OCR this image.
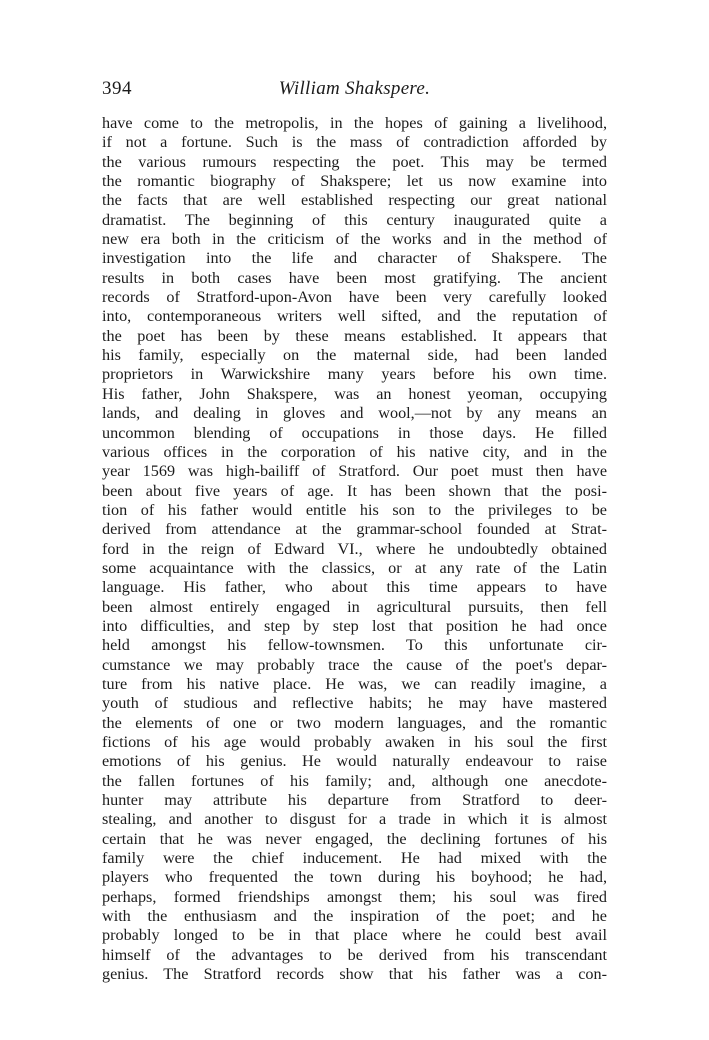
394	William Shakspere.
have come to the metropolis, in the hopes of gaining a livelihood,
if not a fortune. Such is the mass of contradiction afforded by
the various rumours respecting the poet. This may be termed
the romantic biography of Shakspere; let us now examine into
the facts that are well established respecting our great national
dramatist. The beginning of this century inaugurated quite a
new era both in the criticism of the works and in the method of
investigation into the life and character of Shakspere. The
results in both cases have been most gratifying. The ancient
records of Stratford-upon-Avon have been very carefully looked
into, contemporaneous writers well sifted, and the reputation of
the poet has been by these means established. It appears that
his family, especially on the maternal side, had been landed
proprietors in Warwickshire many years before his own time.
His father, John Shakspere, was an honest yeoman, occupying
lands, and dealing in gloves and wool,—not by any means an
uncommon blending of occupations in those days. He filled
various offices in the corporation of his native city, and in the
year 1569 was high-bailiff of Stratford. Our poet must then have
been about five years of age. It has been shown that the posi-
tion of his father would entitle his son to the privileges to be
derived from attendance at the grammar-school founded at Strat-
ford in the reign of Edward VI., where he undoubtedly obtained
some acquaintance with the classics, or at any rate of the Latin
language. His father, who about this time appears to have
been almost entirely engaged in agricultural pursuits, then fell
into difficulties, and step by step lost that position he had once
held amongst his fellow-townsmen. To this unfortunate cir-
cumstance we may probably trace the cause of the poet's depar-
ture from his native place. He was, we can readily imagine, a
youth of studious and reflective habits; he may have mastered
the elements of one or two modern languages, and the romantic
fictions of his age would probably awaken in his soul the first
emotions of his genius. He would naturally endeavour to raise
the fallen fortunes of his family; and, although one anecdote-
hunter may attribute his departure from Stratford to deer-
stealing, and another to disgust for a trade in which it is almost
certain that he was never engaged, the declining fortunes of his
family were the chief inducement. He had mixed with the
players who frequented the town during his boyhood; he had,
perhaps, formed friendships amongst them; his soul was fired
with the enthusiasm and the inspiration of the poet; and he
probably longed to be in that place where he could best avail
himself of the advantages to be derived from his transcendant
genius. The Stratford records show that his father was a con-
